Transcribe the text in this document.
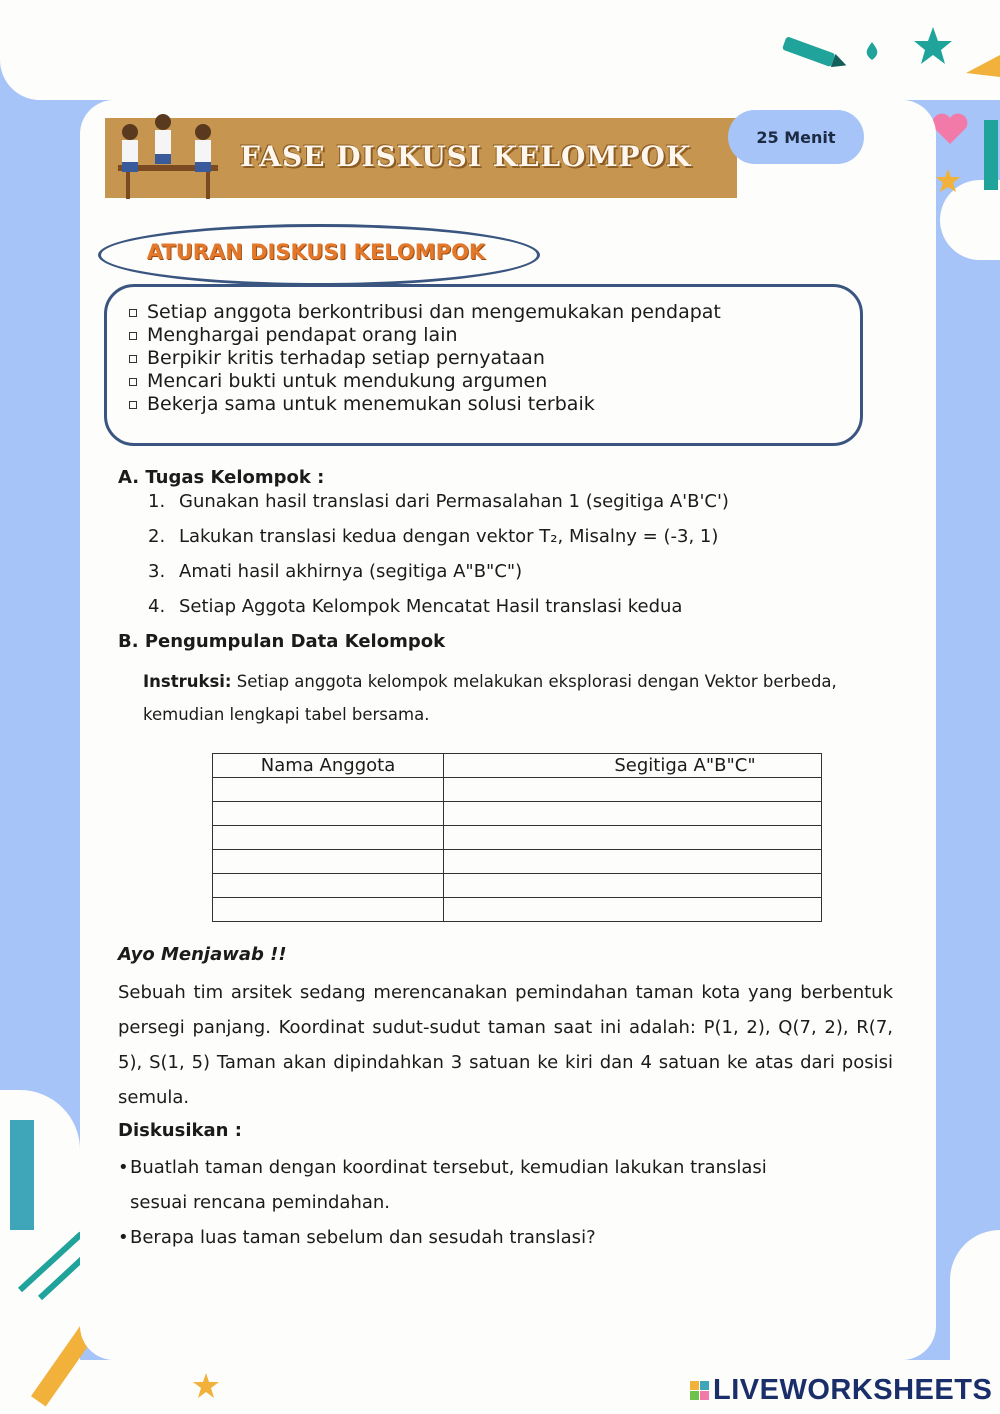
FASE DISKUSI KELOMPOK
25 Menit
Setiap anggota berkontribusi dan mengemukakan pendapat
Menghargai pendapat orang lain
Berpikir kritis terhadap setiap pernyataan
Mencari bukti untuk mendukung argumen
Bekerja sama untuk menemukan solusi terbaik
ATURAN DISKUSI KELOMPOK
A. Tugas Kelompok :
1. Gunakan hasil translasi dari Permasalahan 1 (segitiga A'B'C')
2. Lakukan translasi kedua dengan vektor T₂, Misalny = (-3, 1)
3. Amati hasil akhirnya (segitiga A"B"C")
4. Setiap Aggota Kelompok Mencatat Hasil translasi kedua
B. Pengumpulan Data Kelompok
Instruksi: Setiap anggota kelompok melakukan eksplorasi dengan Vektor berbeda, kemudian lengkapi tabel bersama.
Nama Anggota	Segitiga A"B"C"

Ayo Menjawab !!
Sebuah tim arsitek sedang merencanakan pemindahan taman kota yang berbentuk persegi panjang. Koordinat sudut-sudut taman saat ini adalah: P(1, 2), Q(7, 2), R(7, 5), S(1, 5) Taman akan dipindahkan 3 satuan ke kiri dan 4 satuan ke atas dari posisi semula.
Diskusikan :
•Buatlah taman dengan koordinat tersebut, kemudian lakukan translasi
sesuai rencana pemindahan.
•Berapa luas taman sebelum dan sesudah translasi?
LIVEWORKSHEETS
